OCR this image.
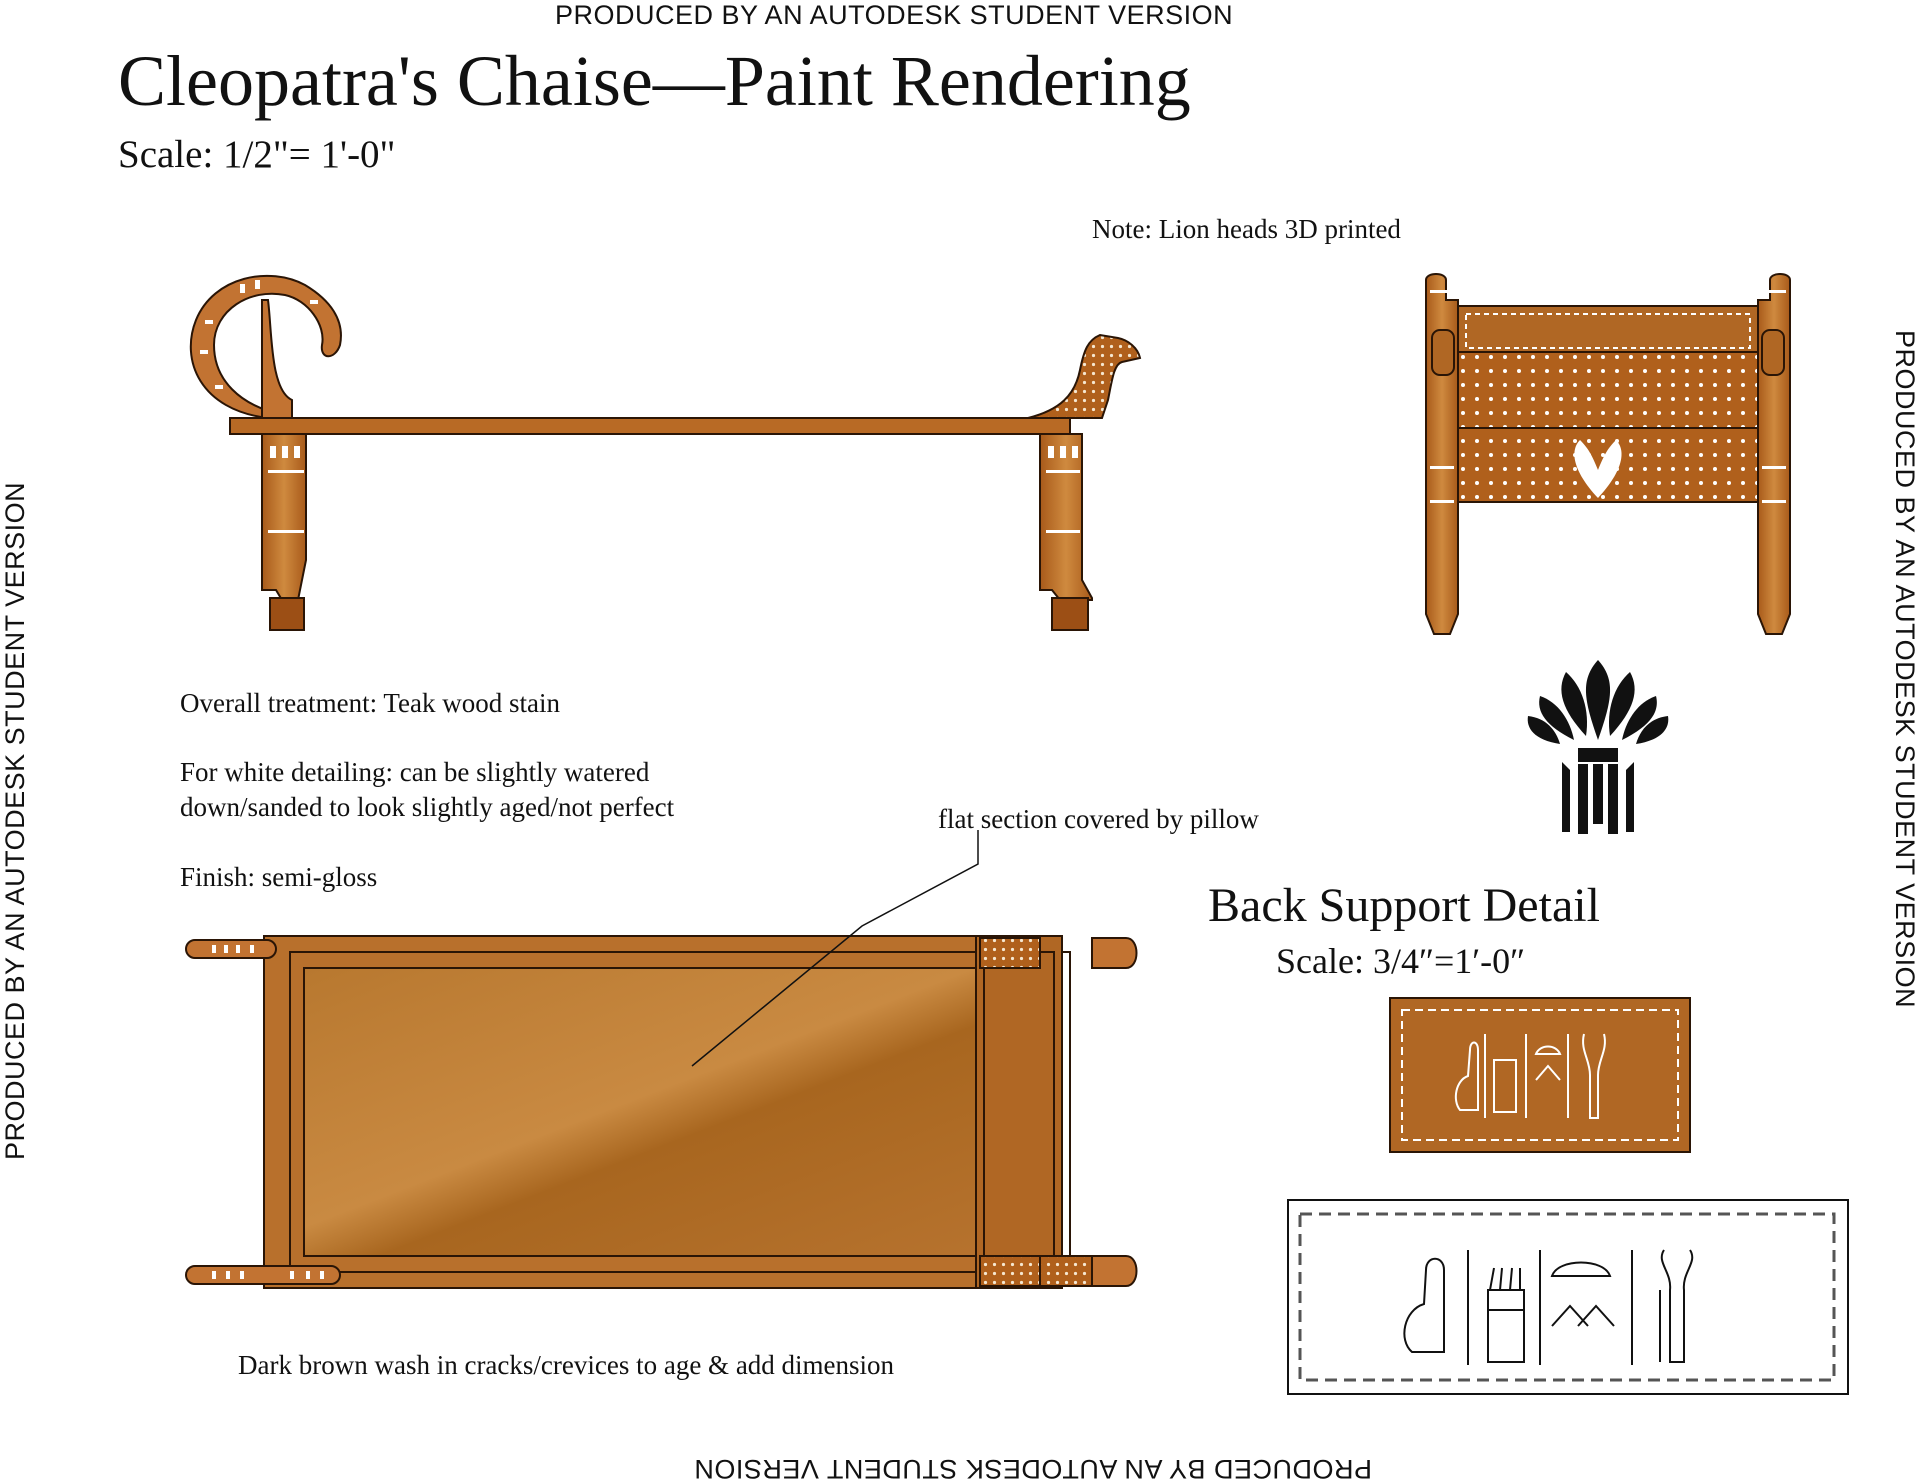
PRODUCED BY AN AUTODESK STUDENT VERSION
PRODUCED BY AN AUTODESK STUDENT VERSION
PRODUCED BY AN AUTODESK STUDENT VERSION	PRODUCED BY AN AUTODESK STUDENT VERSION
Cleopatra's Chaise—Paint Rendering
Scale: 1/2"= 1'-0"
Note: Lion heads 3D printed
Overall treatment: Teak wood stain
For white detailing: can be slightly watered
down/sanded to look slightly aged/not perfect
Finish: semi-gloss
flat section covered by pillow
Dark brown wash in cracks/crevices to age & add dimension
Back Support Detail
Scale: 3/4″=1′-0″
